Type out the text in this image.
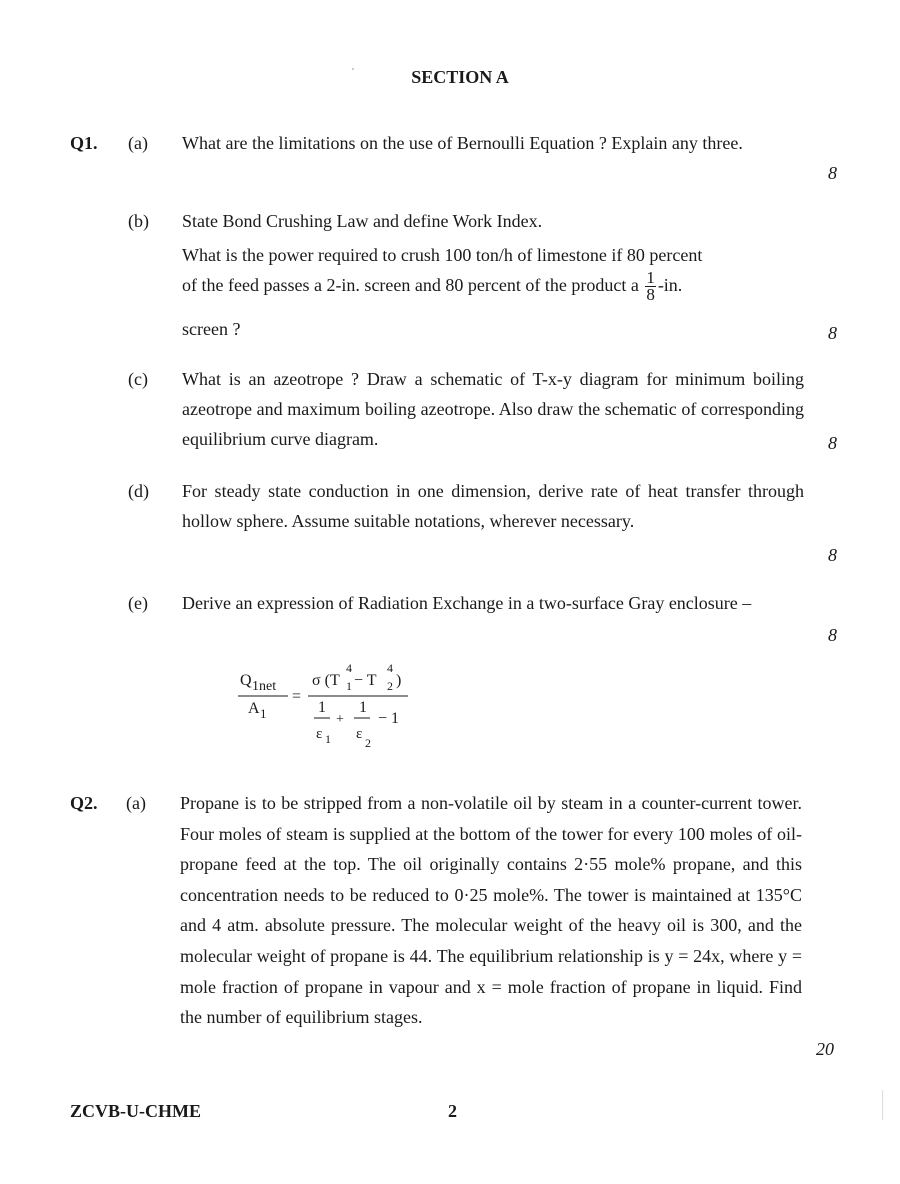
SECTION A
Q1. (a) What are the limitations on the use of Bernoulli Equation ? Explain any three.
8
(b) State Bond Crushing Law and define Work Index.
What is the power required to crush 100 ton/h of limestone if 80 percent
of the feed passes a 2-in. screen and 80 percent of the product a $\frac{1}{8} -in$.
screen ?	8
(c) What is an azeotrope ? Draw a schematic of T-x-y diagram for minimum boiling azeotrope and maximum boiling azeotrope. Also draw the schematic of corresponding equilibrium curve diagram.	8
(d) For steady state conduction in one dimension, derive rate of heat transfer through hollow sphere. Assume suitable notations, wherever necessary.
8
(e) Derive an expression of Radiation Exchange in a two-surface Gray enclosure –
8
Q 1net
A 1
=
σ (T
4
1 − T
4
2 )
1
ε 1
+
1
ε
2
− 1
Q2. (a) Propane is to be stripped from a non-volatile oil by steam in a counter-current tower. Four moles of steam is supplied at the bottom of the tower for every 100 moles of oil-propane feed at the top. The oil originally contains 2·55 mole% propane, and this concentration needs to be reduced to 0·25 mole%. The tower is maintained at 135°C and 4 atm. absolute pressure. The molecular weight of the heavy oil is 300, and the molecular weight of propane is 44. The equilibrium relationship is y = 24x, where y = mole fraction of propane in vapour and x = mole fraction of propane in liquid. Find the number of equilibrium stages.
20
ZCVB-U-CHME	2
